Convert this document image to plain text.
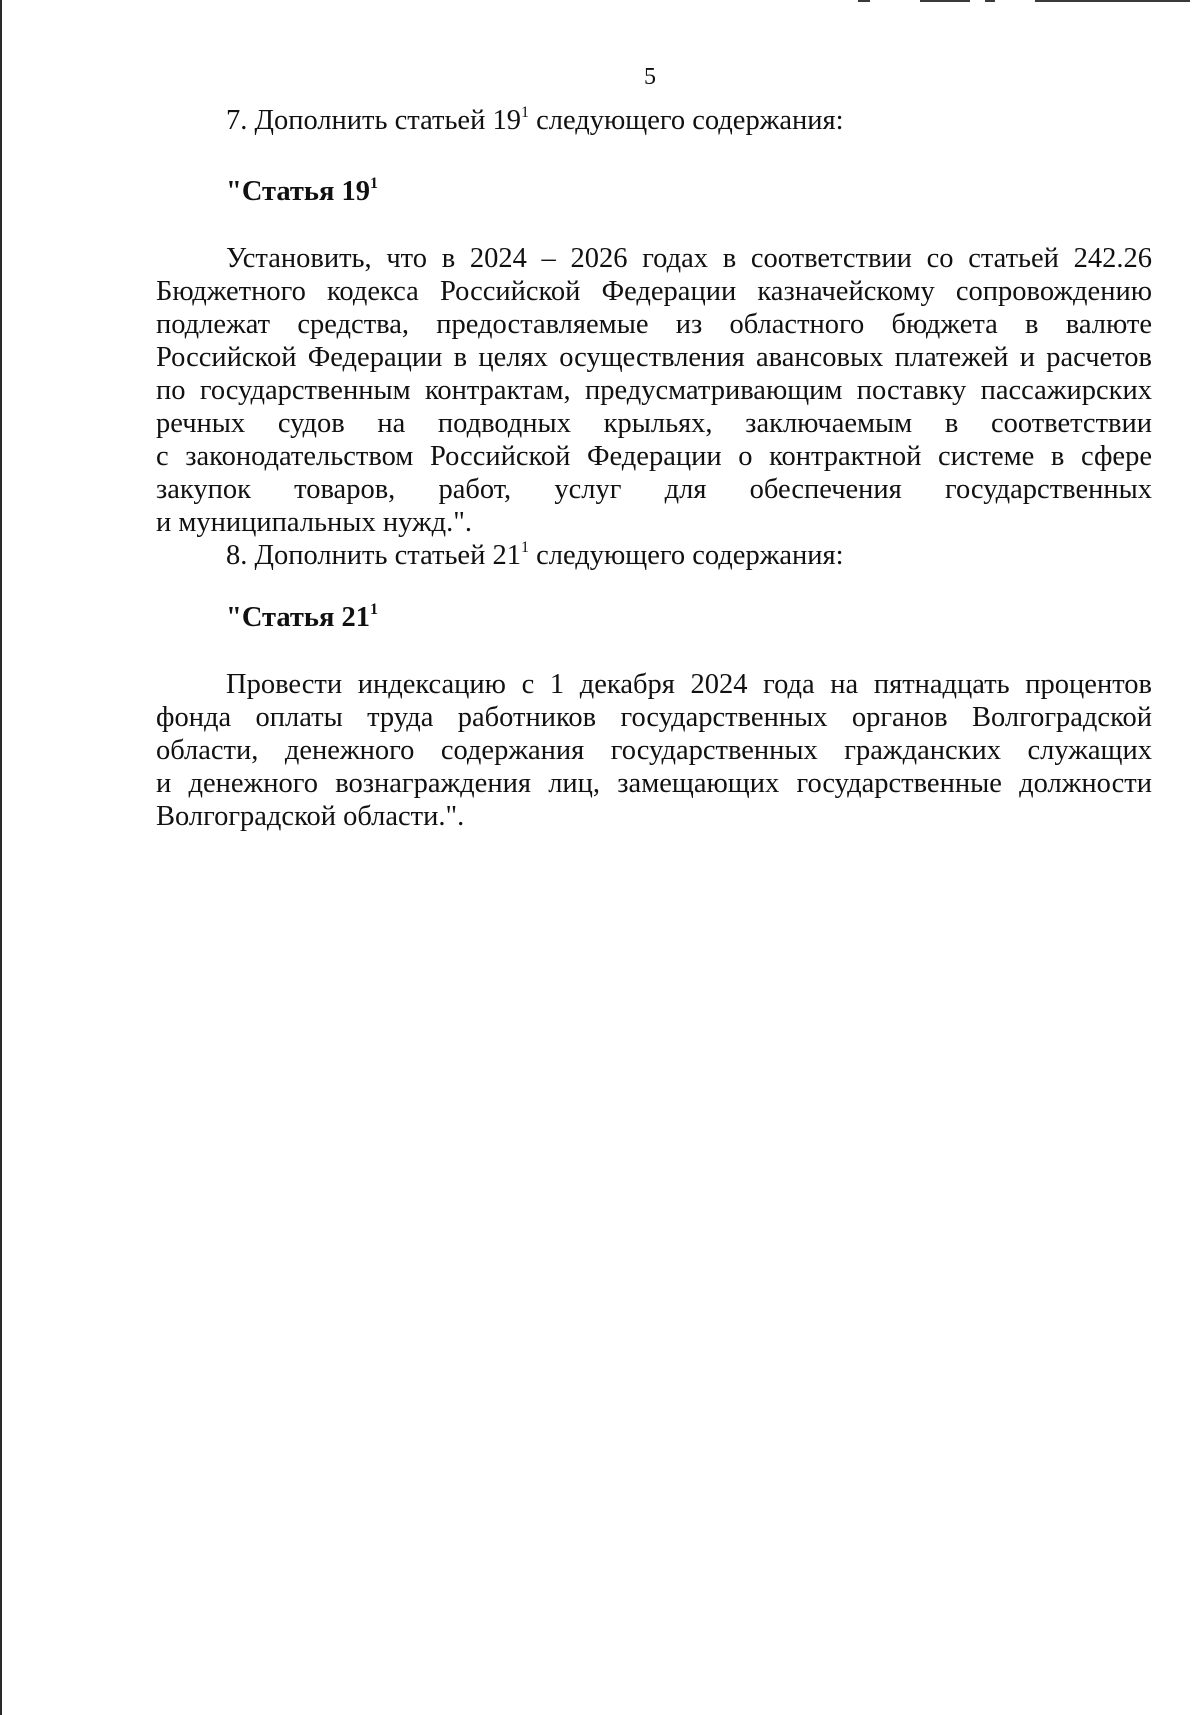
5
7. Дополнить статьей $19^1$ следующего содержания:
"Статья $19^1$
Установить, что в 2024 – 2026 годах в соответствии со статьей 242.26
Бюджетного кодекса Российской Федерации казначейскому сопровождению
подлежат средства, предоставляемые из областного бюджета в валюте
Российской Федерации в целях осуществления авансовых платежей и расчетов
по государственным контрактам, предусматривающим поставку пассажирских
речных судов на подводных крыльях, заключаемым в соответствии
с законодательством Российской Федерации о контрактной системе в сфере
закупок товаров, работ, услуг для обеспечения государственных
и муниципальных нужд.".
8. Дополнить статьей $21^1$ следующего содержания:
"Статья $21^1$
Провести индексацию с 1 декабря 2024 года на пятнадцать процентов
фонда оплаты труда работников государственных органов Волгоградской
области, денежного содержания государственных гражданских служащих
и денежного вознаграждения лиц, замещающих государственные должности
Волгоградской области.".
